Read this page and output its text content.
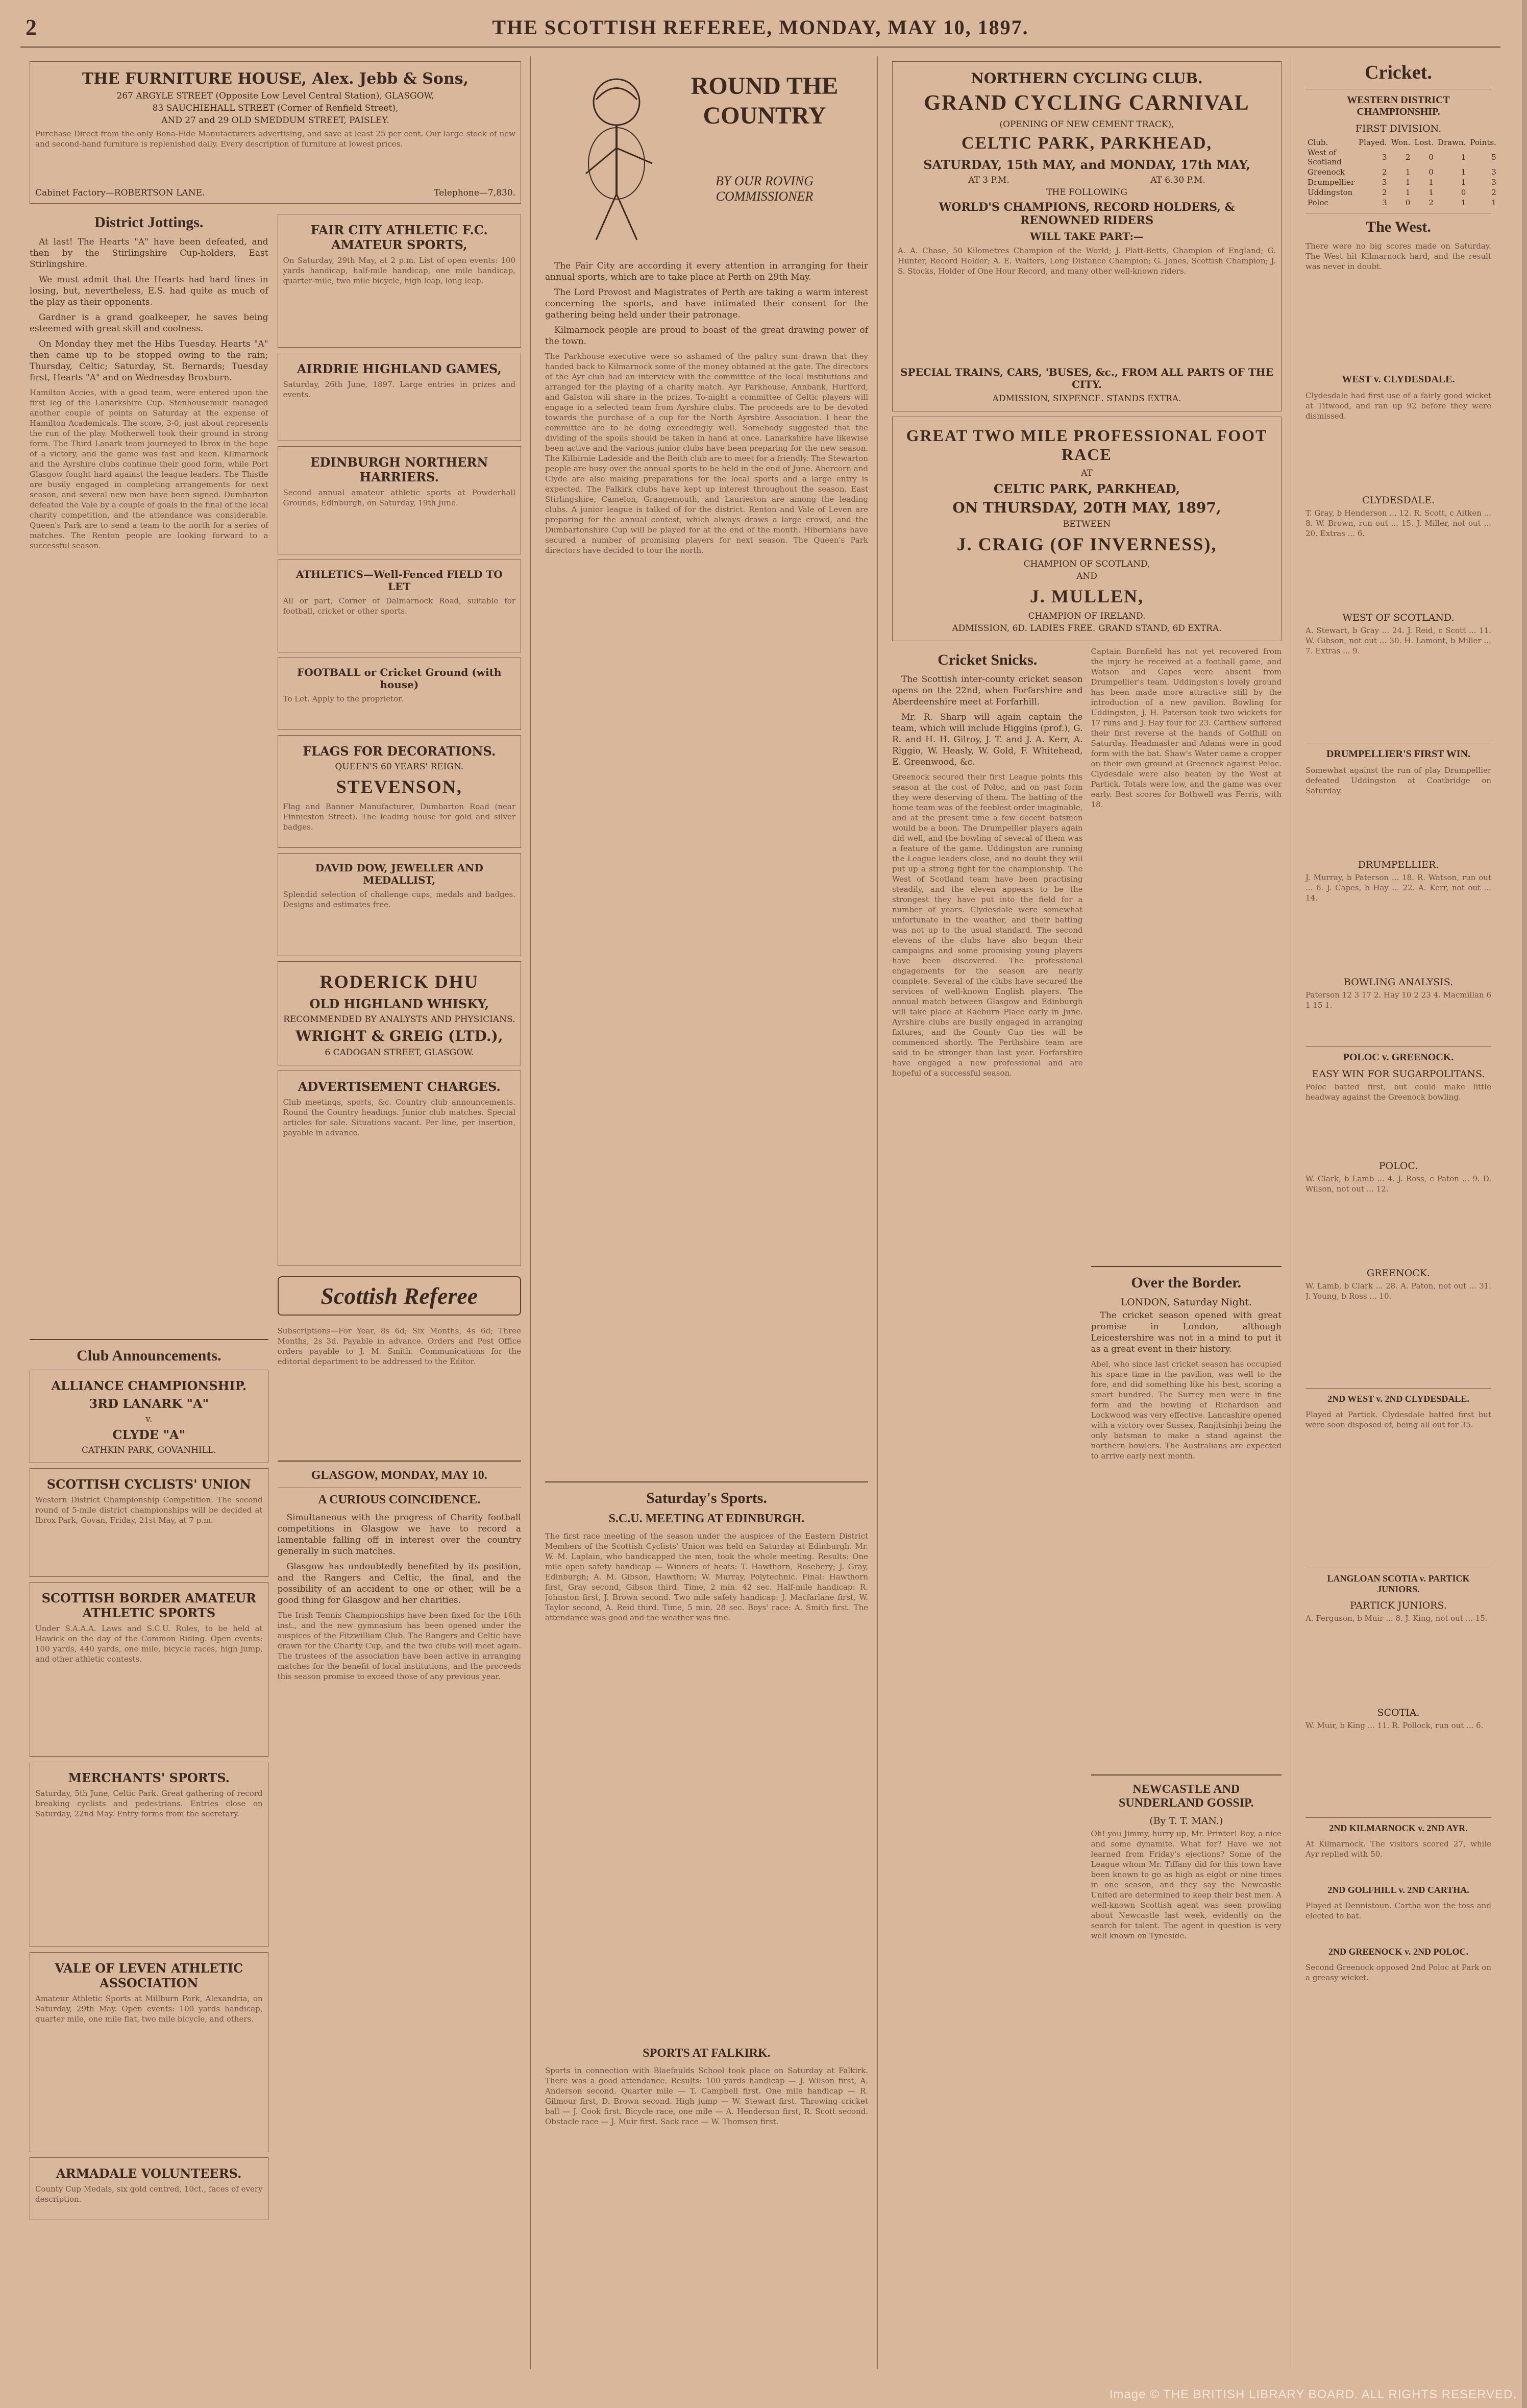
2	THE SCOTTISH REFEREE, MONDAY, MAY 10, 1897.
THE FURNITURE HOUSE, Alex. Jebb & Sons,
267 ARGYLE STREET (Opposite Low Level Central Station), GLASGOW,
83 SAUCHIEHALL STREET (Corner of Renfield Street),
AND 27 and 29 OLD SMEDDUM STREET, PAISLEY.
Purchase Direct from the only Bona-Fide Manufacturers advertising, and save at least 25 per cent. Our large stock of new and second-hand furniture is replenished daily. Every description of furniture at lowest prices.
Cabinet Factory—ROBERTSON LANE.	Telephone—7,830.
District Jottings.

At last! The Hearts "A" have been defeated, and then by the Stirlingshire Cup-holders, East Stirlingshire.

We must admit that the Hearts had hard lines in losing, but, nevertheless, E.S. had quite as much of the play as their opponents.

Gardner is a grand goalkeeper, he saves being esteemed with great skill and coolness.

On Monday they met the Hibs Tuesday. Hearts "A" then came up to be stopped owing to the rain; Thursday, Celtic; Saturday, St. Bernards; Tuesday first, Hearts "A" and on Wednesday Broxburn.

Hamilton Accies, with a good team, were entered upon the first leg of the Lanarkshire Cup. Stenhousemuir managed another couple of points on Saturday at the expense of Hamilton Academicals. The score, 3-0, just about represents the run of the play. Motherwell took their ground in strong form. The Third Lanark team journeyed to Ibrox in the hope of a victory, and the game was fast and keen. Kilmarnock and the Ayrshire clubs continue their good form, while Port Glasgow fought hard against the league leaders. The Thistle are busily engaged in completing arrangements for next season, and several new men have been signed. Dumbarton defeated the Vale by a couple of goals in the final of the local charity competition, and the attendance was considerable. Queen's Park are to send a team to the north for a series of matches. The Renton people are looking forward to a successful season.
Club Announcements.
ALLIANCE CHAMPIONSHIP.
3RD LANARK "A"
v.
CLYDE "A"
CATHKIN PARK, GOVANHILL.
SCOTTISH CYCLISTS' UNION
Western District Championship Competition. The second round of 5-mile district championships will be decided at Ibrox Park, Govan, Friday, 21st May, at 7 p.m.
SCOTTISH BORDER AMATEUR ATHLETIC SPORTS
Under S.A.A.A. Laws and S.C.U. Rules, to be held at Hawick on the day of the Common Riding. Open events: 100 yards, 440 yards, one mile, bicycle races, high jump, and other athletic contests.
MERCHANTS' SPORTS.
Saturday, 5th June, Celtic Park. Great gathering of record breaking cyclists and pedestrians. Entries close on Saturday, 22nd May. Entry forms from the secretary.
VALE OF LEVEN ATHLETIC ASSOCIATION
Amateur Athletic Sports at Millburn Park, Alexandria, on Saturday, 29th May. Open events: 100 yards handicap, quarter mile, one mile flat, two mile bicycle, and others.
ARMADALE VOLUNTEERS.
County Cup Medals, six gold centred, 10ct., faces of every description.
FAIR CITY ATHLETIC F.C. AMATEUR SPORTS,
On Saturday, 29th May, at 2 p.m. List of open events: 100 yards handicap, half-mile handicap, one mile handicap, quarter-mile, two mile bicycle, high leap, long leap.
AIRDRIE HIGHLAND GAMES,
Saturday, 26th June, 1897. Large entries in prizes and events.
EDINBURGH NORTHERN HARRIERS.
Second annual amateur athletic sports at Powderhall Grounds, Edinburgh, on Saturday, 19th June.
ATHLETICS—Well-Fenced FIELD TO LET
All or part, Corner of Dalmarnock Road, suitable for football, cricket or other sports.
FOOTBALL or Cricket Ground (with house)
To Let. Apply to the proprietor.
FLAGS FOR DECORATIONS.
QUEEN'S 60 YEARS' REIGN.
STEVENSON,
Flag and Banner Manufacturer, Dumbarton Road (near Finnieston Street). The leading house for gold and silver badges.
DAVID DOW, JEWELLER AND MEDALLIST,
Splendid selection of challenge cups, medals and badges. Designs and estimates free.
RODERICK DHU
OLD HIGHLAND WHISKY,
RECOMMENDED BY ANALYSTS AND PHYSICIANS.
WRIGHT & GREIG (LTD.),
6 CADOGAN STREET, GLASGOW.
ADVERTISEMENT CHARGES.
Club meetings, sports, &c. Country club announcements. Round the Country headings. Junior club matches. Special articles for sale. Situations vacant. Per line, per insertion, payable in advance.
Scottish Referee
Subscriptions—For Year, 8s 6d; Six Months, 4s 6d; Three Months, 2s 3d. Payable in advance. Orders and Post Office orders payable to J. M. Smith. Communications for the editorial department to be addressed to the Editor.
GLASGOW, MONDAY, MAY 10.
A CURIOUS COINCIDENCE.

Simultaneous with the progress of Charity football competitions in Glasgow we have to record a lamentable falling off in interest over the country generally in such matches.

Glasgow has undoubtedly benefited by its position, and the Rangers and Celtic, the final, and the possibility of an accident to one or other, will be a good thing for Glasgow and her charities.

The Irish Tennis Championships have been fixed for the 16th inst., and the new gymnasium has been opened under the auspices of the Fitzwilliam Club. The Rangers and Celtic have drawn for the Charity Cup, and the two clubs will meet again. The trustees of the association have been active in arranging matches for the benefit of local institutions, and the proceeds this season promise to exceed those of any previous year.
ROUND THE COUNTRY
BY OUR ROVING COMMISSIONER

The Fair City are according it every attention in arranging for their annual sports, which are to take place at Perth on 29th May.

The Lord Provost and Magistrates of Perth are taking a warm interest concerning the sports, and have intimated their consent for the gathering being held under their patronage.

Kilmarnock people are proud to boast of the great drawing power of the town.

The Parkhouse executive were so ashamed of the paltry sum drawn that they handed back to Kilmarnock some of the money obtained at the gate. The directors of the Ayr club had an interview with the committee of the local institutions and arranged for the playing of a charity match. Ayr Parkhouse, Annbank, Hurlford, and Galston will share in the prizes. To-night a committee of Celtic players will engage in a selected team from Ayrshire clubs. The proceeds are to be devoted towards the purchase of a cup for the North Ayrshire Association. I hear the committee are to be doing exceedingly well. Somebody suggested that the dividing of the spoils should be taken in hand at once. Lanarkshire have likewise been active and the various junior clubs have been preparing for the new season. The Kilbirnie Ladeside and the Beith club are to meet for a friendly. The Stewarton people are busy over the annual sports to be held in the end of June. Abercorn and Clyde are also making preparations for the local sports and a large entry is expected. The Falkirk clubs have kept up interest throughout the season. East Stirlingshire, Camelon, Grangemouth, and Laurieston are among the leading clubs. A junior league is talked of for the district. Renton and Vale of Leven are preparing for the annual contest, which always draws a large crowd, and the Dumbartonshire Cup will be played for at the end of the month. Hibernians have secured a number of promising players for next season. The Queen's Park directors have decided to tour the north.
Saturday's Sports.
S.C.U. MEETING AT EDINBURGH.
The first race meeting of the season under the auspices of the Eastern District Members of the Scottish Cyclists' Union was held on Saturday at Edinburgh. Mr. W. M. Laplain, who handicapped the men, took the whole meeting. Results: One mile open safety handicap — Winners of heats: T. Hawthorn, Rosebery; J. Gray, Edinburgh; A. M. Gibson, Hawthorn; W. Murray, Polytechnic. Final: Hawthorn first, Gray second, Gibson third. Time, 2 min. 42 sec. Half-mile handicap: R. Johnston first, J. Brown second. Two mile safety handicap: J. Macfarlane first, W. Taylor second, A. Reid third. Time, 5 min. 28 sec. Boys' race: A. Smith first. The attendance was good and the weather was fine.
SPORTS AT FALKIRK.
Sports in connection with Blaefaulds School took place on Saturday at Falkirk. There was a good attendance. Results: 100 yards handicap — J. Wilson first, A. Anderson second. Quarter mile — T. Campbell first. One mile handicap — R. Gilmour first, D. Brown second. High jump — W. Stewart first. Throwing cricket ball — J. Cook first. Bicycle race, one mile — A. Henderson first, R. Scott second. Obstacle race — J. Muir first. Sack race — W. Thomson first.
NORTHERN CYCLING CLUB.
GRAND CYCLING CARNIVAL
(OPENING OF NEW CEMENT TRACK),
CELTIC PARK, PARKHEAD,
SATURDAY, 15th MAY, and MONDAY, 17th MAY,
AT 3 P.M.	AT 6.30 P.M.
THE FOLLOWING
WORLD'S CHAMPIONS, RECORD HOLDERS, & RENOWNED RIDERS
WILL TAKE PART:—
A. A. Chase, 50 Kilometres Champion of the World; J. Platt-Betts, Champion of England; G. Hunter, Record Holder; A. E. Walters, Long Distance Champion; G. Jones, Scottish Champion; J. S. Stocks, Holder of One Hour Record, and many other well-known riders.
SPECIAL TRAINS, CARS, 'BUSES, &c., FROM ALL PARTS OF THE CITY.
ADMISSION, SIXPENCE. STANDS EXTRA.
GREAT TWO MILE PROFESSIONAL FOOT RACE
AT
CELTIC PARK, PARKHEAD,
ON THURSDAY, 20TH MAY, 1897,
BETWEEN
J. CRAIG (OF INVERNESS),
CHAMPION OF SCOTLAND,
AND
J. MULLEN,
CHAMPION OF IRELAND.
ADMISSION, 6D. LADIES FREE. GRAND STAND, 6D EXTRA.
Cricket Snicks.

The Scottish inter-county cricket season opens on the 22nd, when Forfarshire and Aberdeenshire meet at Forfarhill.

Mr. R. Sharp will again captain the team, which will include Higgins (prof.), G. R. and H. H. Gilroy, J. T. and J. A. Kerr, A. Riggio, W. Heasly, W. Gold, F. Whitehead, E. Greenwood, &c.

Greenock secured their first League points this season at the cost of Poloc, and on past form they were deserving of them. The batting of the home team was of the feeblest order imaginable, and at the present time a few decent batsmen would be a boon. The Drumpellier players again did well, and the bowling of several of them was a feature of the game. Uddingston are running the League leaders close, and no doubt they will put up a strong fight for the championship. The West of Scotland team have been practising steadily, and the eleven appears to be the strongest they have put into the field for a number of years. Clydesdale were somewhat unfortunate in the weather, and their batting was not up to the usual standard. The second elevens of the clubs have also begun their campaigns and some promising young players have been discovered. The professional engagements for the season are nearly complete. Several of the clubs have secured the services of well-known English players. The annual match between Glasgow and Edinburgh will take place at Raeburn Place early in June. Ayrshire clubs are busily engaged in arranging fixtures, and the County Cup ties will be commenced shortly. The Perthshire team are said to be stronger than last year. Forfarshire have engaged a new professional and are hopeful of a successful season.
Captain Burnfield has not yet recovered from the injury he received at a football game, and Watson and Capes were absent from Drumpellier's team. Uddingston's lovely ground has been made more attractive still by the introduction of a new pavilion. Bowling for Uddingston, J. H. Paterson took two wickets for 17 runs and J. Hay four for 23. Carthew suffered their first reverse at the hands of Golfhill on Saturday. Headmaster and Adams were in good form with the bat. Shaw's Water came a cropper on their own ground at Greenock against Poloc. Clydesdale were also beaten by the West at Partick. Totals were low, and the game was over early. Best scores for Bothwell was Ferris, with 18.
Over the Border.
LONDON, Saturday Night.

The cricket season opened with great promise in London, although Leicestershire was not in a mind to put it as a great event in their history.

Abel, who since last cricket season has occupied his spare time in the pavilion, was well to the fore, and did something like his best, scoring a smart hundred. The Surrey men were in fine form and the bowling of Richardson and Lockwood was very effective. Lancashire opened with a victory over Sussex, Ranjitsinhji being the only batsman to make a stand against the northern bowlers. The Australians are expected to arrive early next month.
NEWCASTLE AND SUNDERLAND GOSSIP.
(By T. T. MAN.)
Oh! you Jimmy, hurry up, Mr. Printer! Boy, a nice and some dynamite. What for? Have we not learned from Friday's ejections? Some of the League whom Mr. Tiffany did for this town have been known to go as high as eight or nine times in one season, and they say the Newcastle United are determined to keep their best men. A well-known Scottish agent was seen prowling about Newcastle last week, evidently on the search for talent. The agent in question is very well known on Tyneside.
Cricket.
WESTERN DISTRICT CHAMPIONSHIP.
FIRST DIVISION.
Club.	Played.	Won.	Lost.	Drawn.	Points.
West of Scotland	3	2	0	1	5
Greenock	2	1	0	1	3
Drumpellier	3	1	1	1	3
Uddingston	2	1	1	0	2
Poloc	3	0	2	1	1
The West.
There were no big scores made on Saturday. The West hit Kilmarnock hard, and the result was never in doubt.
WEST v. CLYDESDALE.
Clydesdale had first use of a fairly good wicket at Titwood, and ran up 92 before they were dismissed.
CLYDESDALE.
T. Gray, b Henderson ... 12. R. Scott, c Aitken ... 8. W. Brown, run out ... 15. J. Miller, not out ... 20. Extras ... 6.
WEST OF SCOTLAND.
A. Stewart, b Gray ... 24. J. Reid, c Scott ... 11. W. Gibson, not out ... 30. H. Lamont, b Miller ... 7. Extras ... 9.
DRUMPELLIER'S FIRST WIN.
Somewhat against the run of play Drumpellier defeated Uddingston at Coatbridge on Saturday.
DRUMPELLIER.
J. Murray, b Paterson ... 18. R. Watson, run out ... 6. J. Capes, b Hay ... 22. A. Kerr, not out ... 14.
BOWLING ANALYSIS.
Paterson 12 3 17 2. Hay 10 2 23 4. Macmillan 6 1 15 1.
POLOC v. GREENOCK.
EASY WIN FOR SUGARPOLITANS.
Poloc batted first, but could make little headway against the Greenock bowling.
POLOC.
W. Clark, b Lamb ... 4. J. Ross, c Paton ... 9. D. Wilson, not out ... 12.
GREENOCK.
W. Lamb, b Clark ... 28. A. Paton, not out ... 31. J. Young, b Ross ... 10.
2ND WEST v. 2ND CLYDESDALE.
Played at Partick. Clydesdale batted first but were soon disposed of, being all out for 35.
LANGLOAN SCOTIA v. PARTICK JUNIORS.
PARTICK JUNIORS.
A. Ferguson, b Muir ... 8. J. King, not out ... 15.
SCOTIA.
W. Muir, b King ... 11. R. Pollock, run out ... 6.
2ND KILMARNOCK v. 2ND AYR.
At Kilmarnock. The visitors scored 27, while Ayr replied with 50.
2ND GOLFHILL v. 2ND CARTHA.
Played at Dennistoun. Cartha won the toss and elected to bat.
2ND GREENOCK v. 2ND POLOC.
Second Greenock opposed 2nd Poloc at Park on a greasy wicket.
Image © THE BRITISH LIBRARY BOARD. ALL RIGHTS RESERVED.
